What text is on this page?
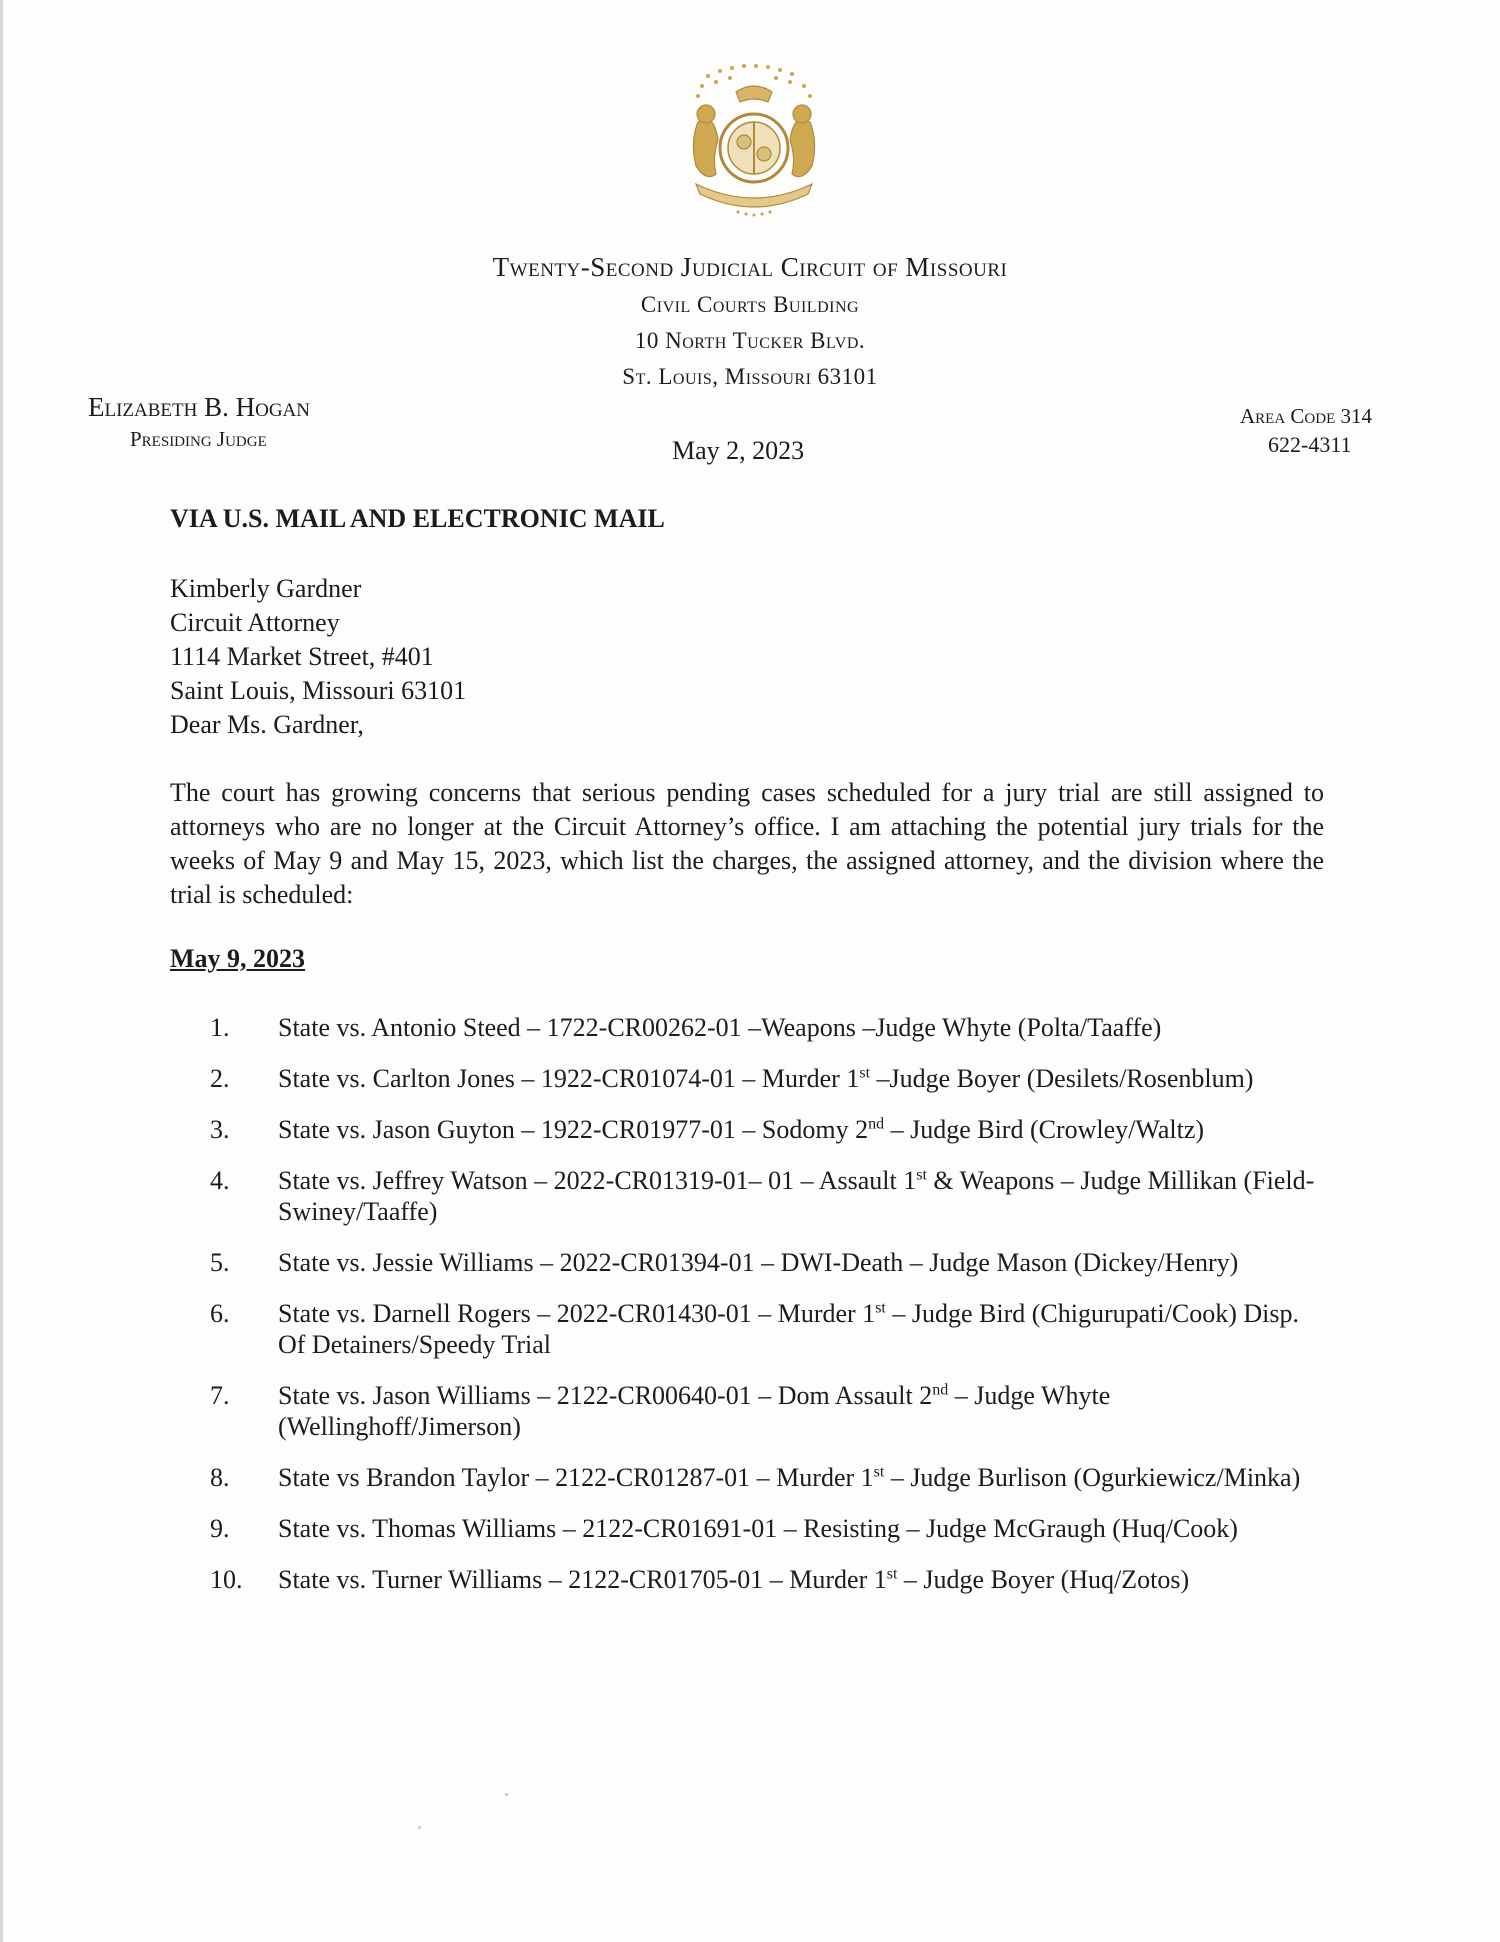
Twenty-Second Judicial Circuit of Missouri
Civil Courts Building
10 North Tucker Blvd.
St. Louis, Missouri 63101
Elizabeth B. Hogan
Presiding Judge
Area Code 314
622-4311
May 2, 2023
VIA U.S. MAIL AND ELECTRONIC MAIL
Kimberly Gardner
Circuit Attorney
1114 Market Street, #401
Saint Louis, Missouri 63101
Dear Ms. Gardner,
The court has growing concerns that serious pending cases scheduled for a jury trial are still assigned to attorneys who are no longer at the Circuit Attorney’s office. I am attaching the potential jury trials for the weeks of May 9 and May 15, 2023, which list the charges, the assigned attorney, and the division where the trial is scheduled:
May 9, 2023
1. State vs. Antonio Steed – 1722-CR00262-01 –Weapons –Judge Whyte (Polta/Taaffe)
2. State vs. Carlton Jones – 1922-CR01074-01 – Murder 1st –Judge Boyer (Desilets/Rosenblum)
3. State vs. Jason Guyton – 1922-CR01977-01 – Sodomy 2nd – Judge Bird (Crowley/Waltz)
4. State vs. Jeffrey Watson – 2022-CR01319-01– 01 – Assault 1st & Weapons – Judge Millikan (Field-Swiney/Taaffe)
5. State vs. Jessie Williams – 2022-CR01394-01 – DWI-Death – Judge Mason (Dickey/Henry)
6. State vs. Darnell Rogers – 2022-CR01430-01 – Murder 1st – Judge Bird (Chigurupati/Cook) Disp. Of Detainers/Speedy Trial
7. State vs. Jason Williams – 2122-CR00640-01 – Dom Assault 2nd – Judge Whyte (Wellinghoff/Jimerson)
8. State vs Brandon Taylor – 2122-CR01287-01 – Murder 1st – Judge Burlison (Ogurkiewicz/Minka)
9. State vs. Thomas Williams – 2122-CR01691-01 – Resisting – Judge McGraugh (Huq/Cook)
10. State vs. Turner Williams – 2122-CR01705-01 – Murder 1st – Judge Boyer (Huq/Zotos)
